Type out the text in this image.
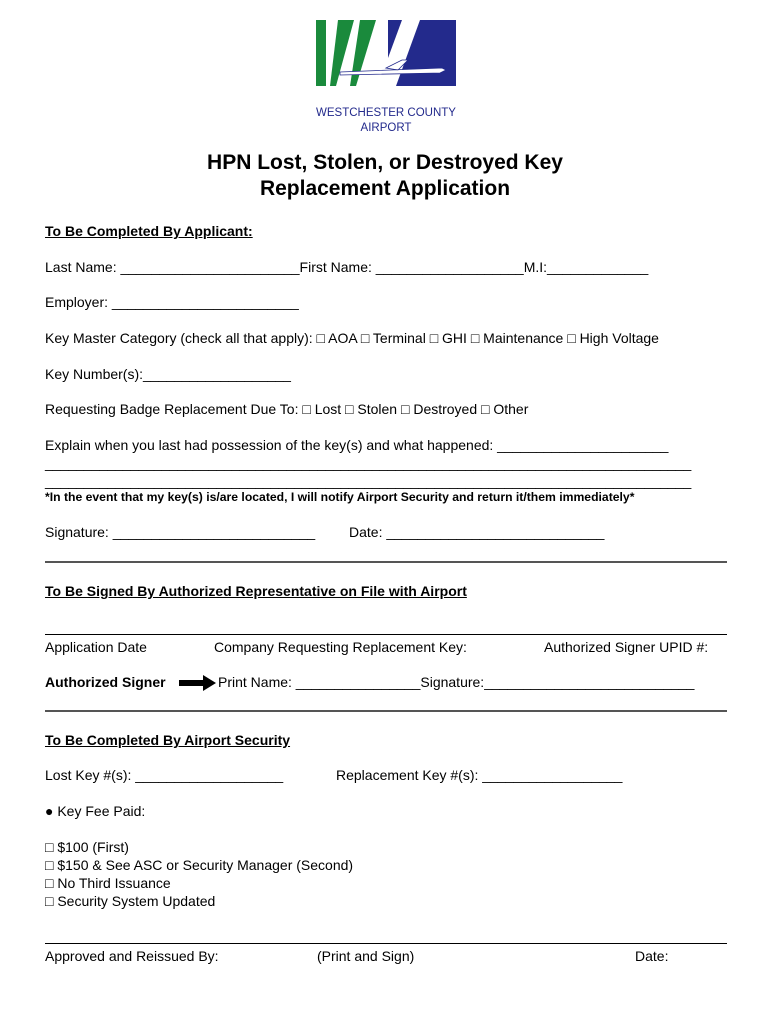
WESTCHESTER COUNTY
AIRPORT
HPN Lost, Stolen, or Destroyed Key
Replacement Application
To Be Completed By Applicant:
Last Name: _______________________First Name: ___________________M.I:_____________
Employer: ________________________
Key Master Category (check all that apply): □ AOA □ Terminal □ GHI □ Maintenance □ High Voltage
Key Number(s):___________________
Requesting Badge Replacement Due To: □ Lost □ Stolen □ Destroyed □ Other
Explain when you last had possession of the key(s) and what happened: ______________________
___________________________________________________________________________________
___________________________________________________________________________________
*In the event that my key(s) is/are located, I will notify Airport Security and return it/them immediately*
Signature: __________________________ Date: ____________________________
To Be Signed By Authorized Representative on File with Airport
Application Date	Company Requesting Replacement Key:	Authorized Signer UPID #:
Authorized Signer	Print Name: ________________Signature:___________________________
To Be Completed By Airport Security
Lost Key #(s): ___________________	Replacement Key #(s): __________________
● Key Fee Paid:
□ $100 (First)
□ $150 & See ASC or Security Manager (Second)
□ No Third Issuance
□ Security System Updated
Approved and Reissued By:	(Print and Sign)	Date:
